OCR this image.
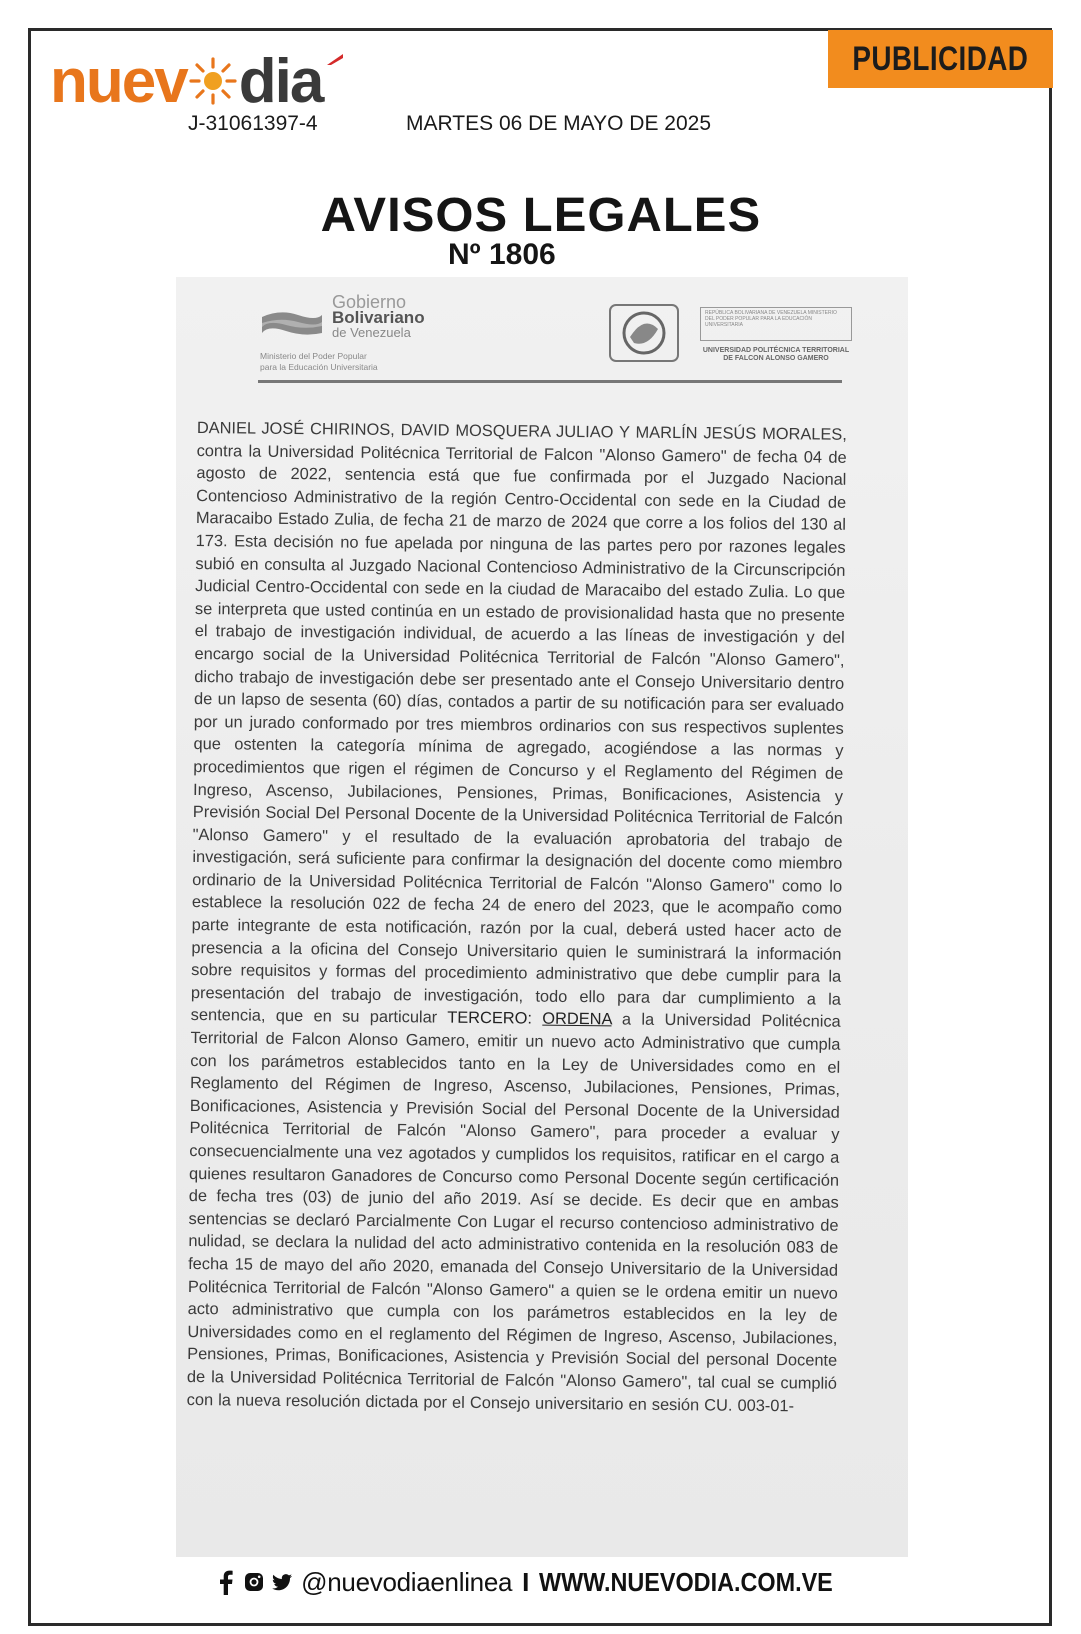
PUBLICIDAD
nuev dia
J-31061397-4	MARTES 06 DE MAYO DE 2025
AVISOS LEGALES
Nº 1806
Gobierno
Bolivariano
de Venezuela
Ministerio del Poder Popular
para la Educación Universitaria
REPÚBLICA BOLIVARIANA DE VENEZUELA MINISTERIO DEL PODER POPULAR PARA LA EDUCACIÓN UNIVERSITARIA
UNIVERSIDAD POLITÉCNICA TERRITORIAL DE FALCON ALONSO GAMERO
DANIEL JOSÉ CHIRINOS, DAVID MOSQUERA JULIAO Y MARLÍN JESÚS MORALES, contra la Universidad Politécnica Territorial de Falcon "Alonso Gamero" de fecha 04 de agosto de 2022, sentencia está que fue confirmada por el Juzgado Nacional Contencioso Administrativo de la región Centro-Occidental con sede en la Ciudad de Maracaibo Estado Zulia, de fecha 21 de marzo de 2024 que corre a los folios del 130 al 173. Esta decisión no fue apelada por ninguna de las partes pero por razones legales subió en consulta al Juzgado Nacional Contencioso Administrativo de la Circunscripción Judicial Centro-Occidental con sede en la ciudad de Maracaibo del estado Zulia. Lo que se interpreta que usted continúa en un estado de provisionalidad hasta que no presente el trabajo de investigación individual, de acuerdo a las líneas de investigación y del encargo social de la Universidad Politécnica Territorial de Falcón "Alonso Gamero", dicho trabajo de investigación debe ser presentado ante el Consejo Universitario dentro de un lapso de sesenta (60) días, contados a partir de su notificación para ser evaluado por un jurado conformado por tres miembros ordinarios con sus respectivos suplentes que ostenten la categoría mínima de agregado, acogiéndose a las normas y procedimientos que rigen el régimen de Concurso y el Reglamento del Régimen de Ingreso, Ascenso, Jubilaciones, Pensiones, Primas, Bonificaciones, Asistencia y Previsión Social Del Personal Docente de la Universidad Politécnica Territorial de Falcón "Alonso Gamero" y el resultado de la evaluación aprobatoria del trabajo de investigación, será suficiente para confirmar la designación del docente como miembro ordinario de la Universidad Politécnica Territorial de Falcón "Alonso Gamero" como lo establece la resolución 022 de fecha 24 de enero del 2023, que le acompaño como parte integrante de esta notificación, razón por la cual, deberá usted hacer acto de presencia a la oficina del Consejo Universitario quien le suministrará la información sobre requisitos y formas del procedimiento administrativo que debe cumplir para la presentación del trabajo de investigación, todo ello para dar cumplimiento a la sentencia, que en su particular TERCERO: ORDENA a la Universidad Politécnica Territorial de Falcon Alonso Gamero, emitir un nuevo acto Administrativo que cumpla con los parámetros establecidos tanto en la Ley de Universidades como en el Reglamento del Régimen de Ingreso, Ascenso, Jubilaciones, Pensiones, Primas, Bonificaciones, Asistencia y Previsión Social del Personal Docente de la Universidad Politécnica Territorial de Falcón "Alonso Gamero", para proceder a evaluar y consecuencialmente una vez agotados y cumplidos los requisitos, ratificar en el cargo a quienes resultaron Ganadores de Concurso como Personal Docente según certificación de fecha tres (03) de junio del año 2019. Así se decide. Es decir que en ambas sentencias se declaró Parcialmente Con Lugar el recurso contencioso administrativo de nulidad, se declara la nulidad del acto administrativo contenida en la resolución 083 de fecha 15 de mayo del año 2020, emanada del Consejo Universitario de la Universidad Politécnica Territorial de Falcón "Alonso Gamero" a quien se le ordena emitir un nuevo acto administrativo que cumpla con los parámetros establecidos en la ley de Universidades como en el reglamento del Régimen de Ingreso, Ascenso, Jubilaciones, Pensiones, Primas, Bonificaciones, Asistencia y Previsión Social del personal Docente de la Universidad Politécnica Territorial de Falcón "Alonso Gamero", tal cual se cumplió con la nueva resolución dictada por el Consejo universitario en sesión CU. 003-01-
@nuevodiaenlinea I WWW.NUEVODIA.COM.VE
